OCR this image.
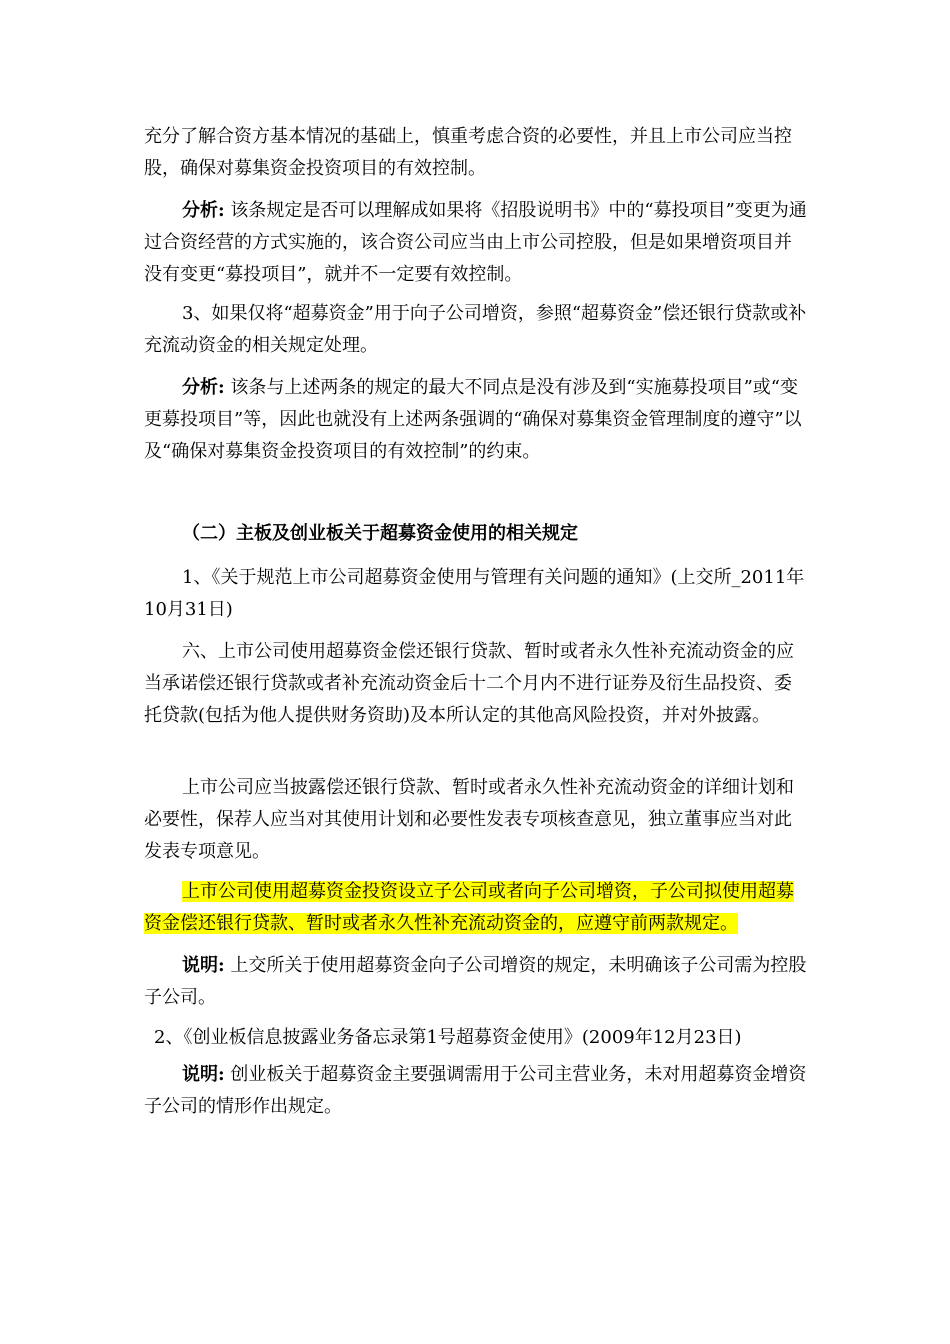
充分了解合资方基本情况的基础上，慎重考虑合资的必要性，并且上市公司应当控股，确保对募集资金投资项目的有效控制。

分析: 该条规定是否可以理解成如果将《招股说明书》中的“募投项目”变更为通过合资经营的方式实施的，该合资公司应当由上市公司控股，但是如果增资项目并没有变更“募投项目”，就并不一定要有效控制。

3、如果仅将“超募资金”用于向子公司增资，参照“超募资金”偿还银行贷款或补充流动资金的相关规定处理。

分析: 该条与上述两条的规定的最大不同点是没有涉及到“实施募投项目”或“变更募投项目”等，因此也就没有上述两条强调的“确保对募集资金管理制度的遵守”以及“确保对募集资金投资项目的有效控制”的约束。

（二）主板及创业板关于超募资金使用的相关规定

1、《关于规范上市公司超募资金使用与管理有关问题的通知》(上交所_2011年10月31日)

六、上市公司使用超募资金偿还银行贷款、暂时或者永久性补充流动资金的应当承诺偿还银行贷款或者补充流动资金后十二个月内不进行证券及衍生品投资、委托贷款(包括为他人提供财务资助)及本所认定的其他高风险投资，并对外披露。

上市公司应当披露偿还银行贷款、暂时或者永久性补充流动资金的详细计划和必要性，保荐人应当对其使用计划和必要性发表专项核查意见，独立董事应当对此发表专项意见。

上市公司使用超募资金投资设立子公司或者向子公司增资，子公司拟使用超募资金偿还银行贷款、暂时或者永久性补充流动资金的，应遵守前两款规定。

说明: 上交所关于使用超募资金向子公司增资的规定，未明确该子公司需为控股子公司。

2、《创业板信息披露业务备忘录第1号超募资金使用》(2009年12月23日)

说明: 创业板关于超募资金主要强调需用于公司主营业务，未对用超募资金增资子公司的情形作出规定。
